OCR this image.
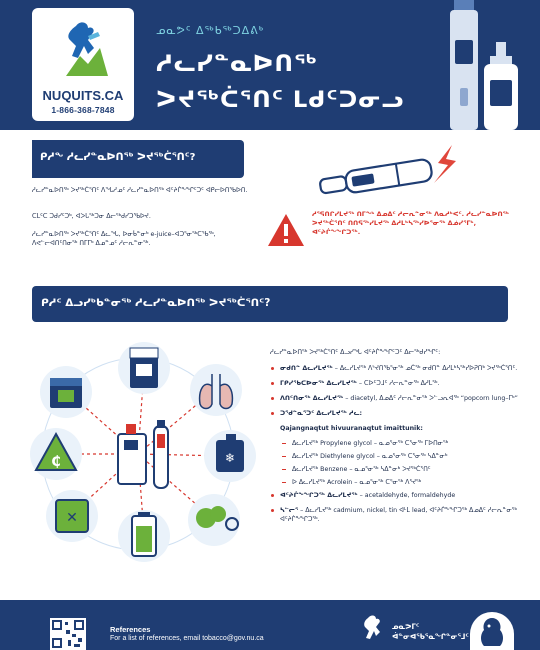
NUQUITS.CA
1-866-368-7848
ᓄᓇᕗᑦ ᐃᖅᑲᖅᑐᐃᕕᒃ
ᓱᓚᓯᓐᓇᐅᑎᖅ
ᐳᔪᖅᑖᕐᑎᑦ ᒪᑯᑦᑐᓂᓗ
ᑭᓱᖕ ᓱᓚᓯᓐᓇᐅᑎᖅ ᐳᔪᖅᑖᕐᑎᑦ?
ᓱᓚᓯᓐᓇᐅᑎᖅ ᐳᔪᖅᑖᕐᑎᑦ ᐱᖓᓱᓄᑦ ᓱᓚᓯᓐᓇᐅᑎᖅ ᐊᑦᔨᒌᖕᖏᑦᑐᑦ ᐊᑭᓕᐅᑎᖃᐅᑎ.
ᑕᒪᑦᑕ ᑐᑯᓯᑦᑐᒃ, ᐊᐳᒐᖅᑐᓂ ᐃᓕᖅᑯᓯᑐᖃᐅᔪ.
ᓱᓚᓯᓐᓇᐅᑎᖅ ᐳᔪᖅᑖᕐᑎᑦ ᐃᓚᖓ, ᐅᓂᑳᓐᓂᒃ e-juice–ᐊᑐᕐᓂᖅᑕᖃᖅ, ᐱᕙᓪᓕᐊᑎᑦᑎᓂᖅ ᑎᒥᒥᒃ ᐃᓄᓐᓄᑦ ᓱᓕᕆᓐᓂᖅ.
ᓱᕐᕋᑎᒋᓯᒪᔪᖅ ᑎᒥᖕᒃ ᐃᓄᐃᑦ ᓱᓕᕆᓐᓂᖅ ᐱᓇᓱᒃᐸᑦ. ᓱᓚᓯᓐᓇᐅᑎᖅ ᐳᔪᖅᑖᕐᑎᑦ ᑎᑎᕋᖅᓯᒪᔪᖅ ᐃᓱᒪᒃᓴᖅᓯᐅᕐᓂᖅ ᐃᓅᓯᕐᒥᒃ, ᐊᑦᔨᒌᖕᖏᑐᖅ.
ᑭᓱᑦ ᐃᓗᓯᒃᑲᓐᓂᖅ ᓱᓚᓯᓐᓇᐅᑎᖅ ᐳᔪᖅᑖᕐᑎᑦ?
₵	❄
✕
ᓱᓚᓯᓐᓇᐅᑎᖅ ᐳᔪᖅᑖᕐᑎᑦ ᐃᓗᓯᖓ ᐊᑦᔨᒌᖕᖏᑦᑐᑦ ᐃᓕᖅᑯᓯᖏᑦ:
ᓂᑯᑎᓐ ᐃᓚᓯᒪᔪᖅ – ᐃᓚᓯᒪᔪᖅ ᐱᔾᔪᑎᖃᕐᓂᖅ ᓄᑖᖅ ᓂᑯᑎᓐ ᐃᓱᒪᒃᓴᖅᓯᐅᕈᑎᒃ ᐳᔪᖅᑖᕐᑎᑦ.
ᒥᑭᓯᖃᑕᐅᓂᖅ ᐃᓚᓯᒪᔪᖅ – ᑕᐅᑦᑐᒧᑦ ᓱᓕᕆᓐᓂᖅ ᐃᓱᒪᖅ.
ᐱᑎᑦᑎᓂᖅ ᐃᓚᓯᒪᔪᖅ – diacetyl, ᐃᓄᐃᑦ ᓱᓕᕆᓐᓂᖅ ᐳᓪᓗᕆᐊᖅ “popcorn lung–ᒥᒃ”
ᑐᖁᓐᓇᕐᑐᑦ ᐃᓚᓯᒪᔪᖅ ᓱᓚ:
Qajangnaqtut hivuuranaqtut imaittunik:
ᐃᓚᓯᒪᔪᖅ Propylene glycol – ᓇᓄᕐᓂᖅ ᑕᕐᓂᖅ ᒥᐅᑎᓂᖅ
ᐃᓚᓯᒪᔪᖅ Diethylene glycol – ᓇᓄᕐᓂᖅ ᑕᕐᓂᖅ ᓴᐃᓐᓂᒃ
ᐃᓚᓯᒪᔪᖅ Benzene – ᓇᓄᕐᓂᖅ ᓴᐃᓐᓂᒃ ᐳᔪᖅᑖᕐᑎᑦ
ᐅ ᐃᓚᓯᒪᔪᖅ Acrolein – ᓇᓄᕐᓂᖅ ᑕᕐᓂᖅ ᐱᕐᔪᖅ
ᐊᑦᔨᒌᖕᖏᑐᖅ ᐃᓚᓯᒪᔪᖅ – acetaldehyde, formaldehyde
ᓴᓪᓕᕐ – ᐃᓚᓯᒪᔪᖅ cadmium, nickel, tin ᐊᒻᒪ lead, ᐊᑦᔨᒌᖕᖏᑐᖅ ᐃᓄᐃᑦ ᓱᓕᕆᓐᓂᖅ ᐊᑦᔨᒌᖕᖏᑐᖅ.
References
For a list of references, email tobacco@gov.nu.ca
ᓄᓇᕗᒥᑦ
ᐋᓐᓂᐊᖃᕐᓇᖏᓐᓂᕐᒧᑦ
